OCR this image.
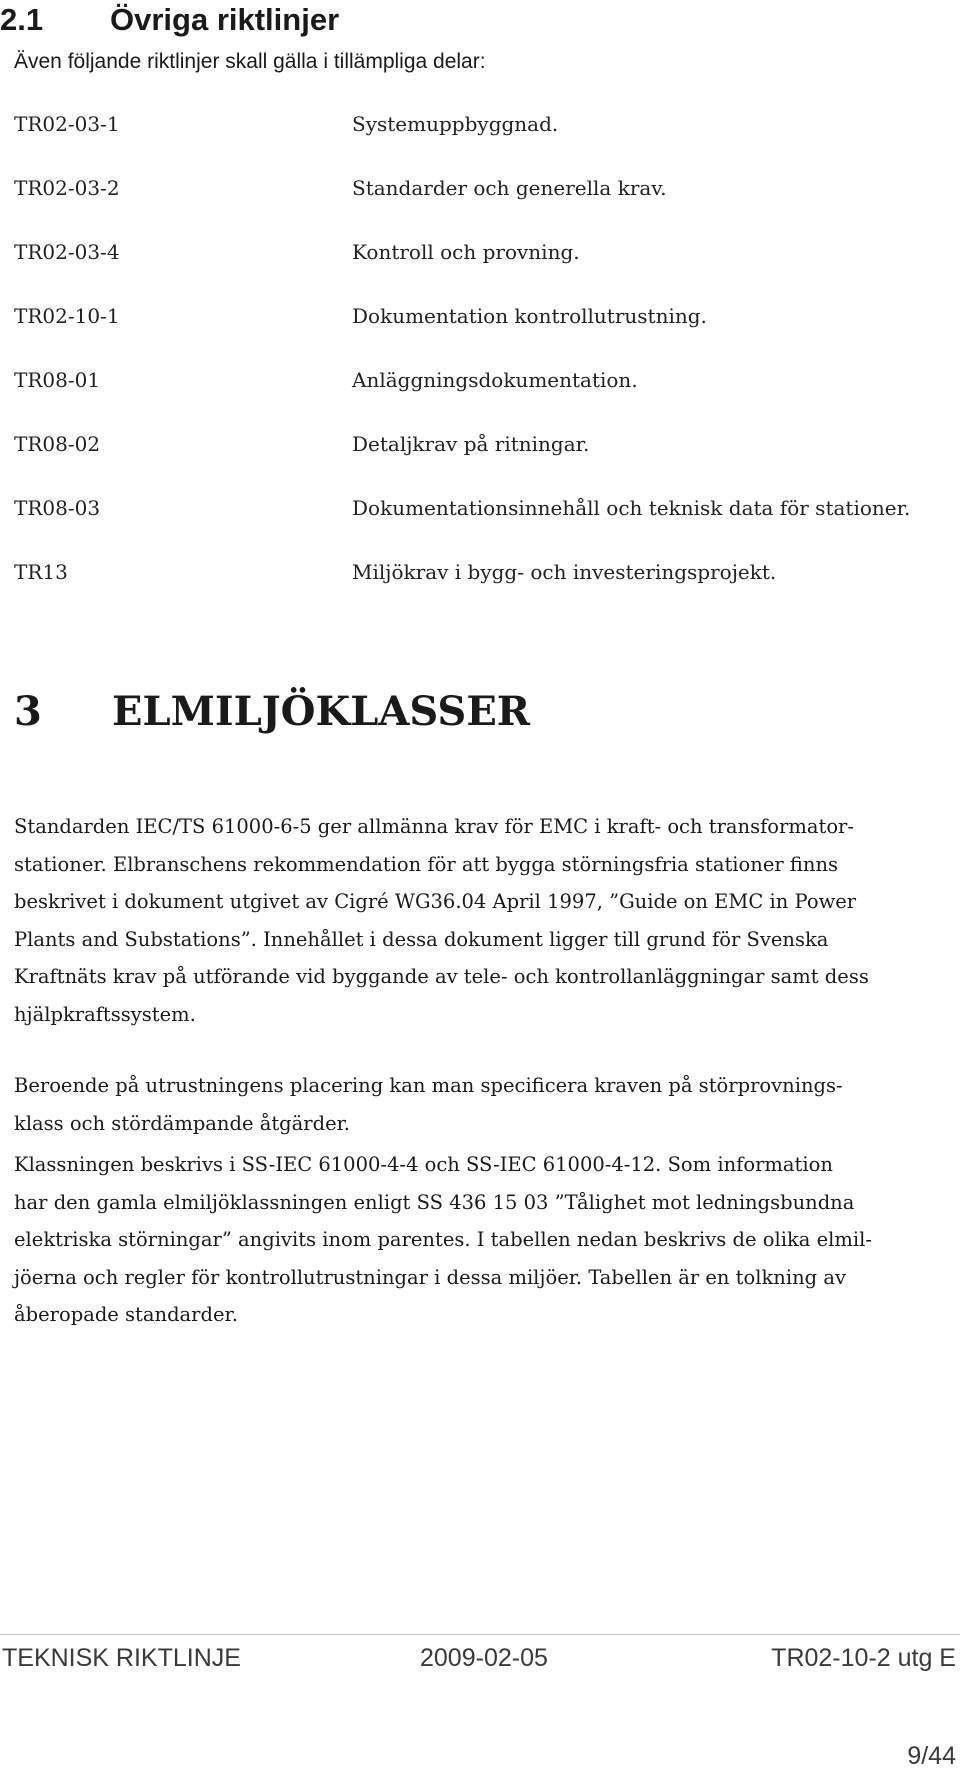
2.1 Övriga riktlinjer

Även följande riktlinjer skall gälla i tillämpliga delar:

TR02-03-1	Systemuppbyggnad.
TR02-03-2	Standarder och generella krav.
TR02-03-4	Kontroll och provning.
TR02-10-1	Dokumentation kontrollutrustning.
TR08-01	Anläggningsdokumentation.
TR08-02	Detaljkrav på ritningar.
TR08-03	Dokumentationsinnehåll och teknisk data för stationer.
TR13	Miljökrav i bygg- och investeringsprojekt.
3 ELMILJÖKLASSER
Standarden IEC/TS 61000-6-5 ger allmänna krav för EMC i kraft- och transformator-
stationer. Elbranschens rekommendation för att bygga störningsfria stationer finns
beskrivet i dokument utgivet av Cigré WG36.04 April 1997, ”Guide on EMC in Power
Plants and Substations”. Innehållet i dessa dokument ligger till grund för Svenska
Kraftnäts krav på utförande vid byggande av tele- och kontrollanläggningar samt dess
hjälpkraftssystem.
Beroende på utrustningens placering kan man specificera kraven på störprovnings-
klass och stördämpande åtgärder.
Klassningen beskrivs i SS-IEC 61000-4-4 och SS-IEC 61000-4-12. Som information
har den gamla elmiljöklassningen enligt SS 436 15 03 ”Tålighet mot ledningsbundna
elektriska störningar” angivits inom parentes. I tabellen nedan beskrivs de olika elmil-
jöerna och regler för kontrollutrustningar i dessa miljöer. Tabellen är en tolkning av
åberopade standarder.
TEKNISK RIKTLINJE	2009-02-05	TR02-10-2 utg E
9/44
